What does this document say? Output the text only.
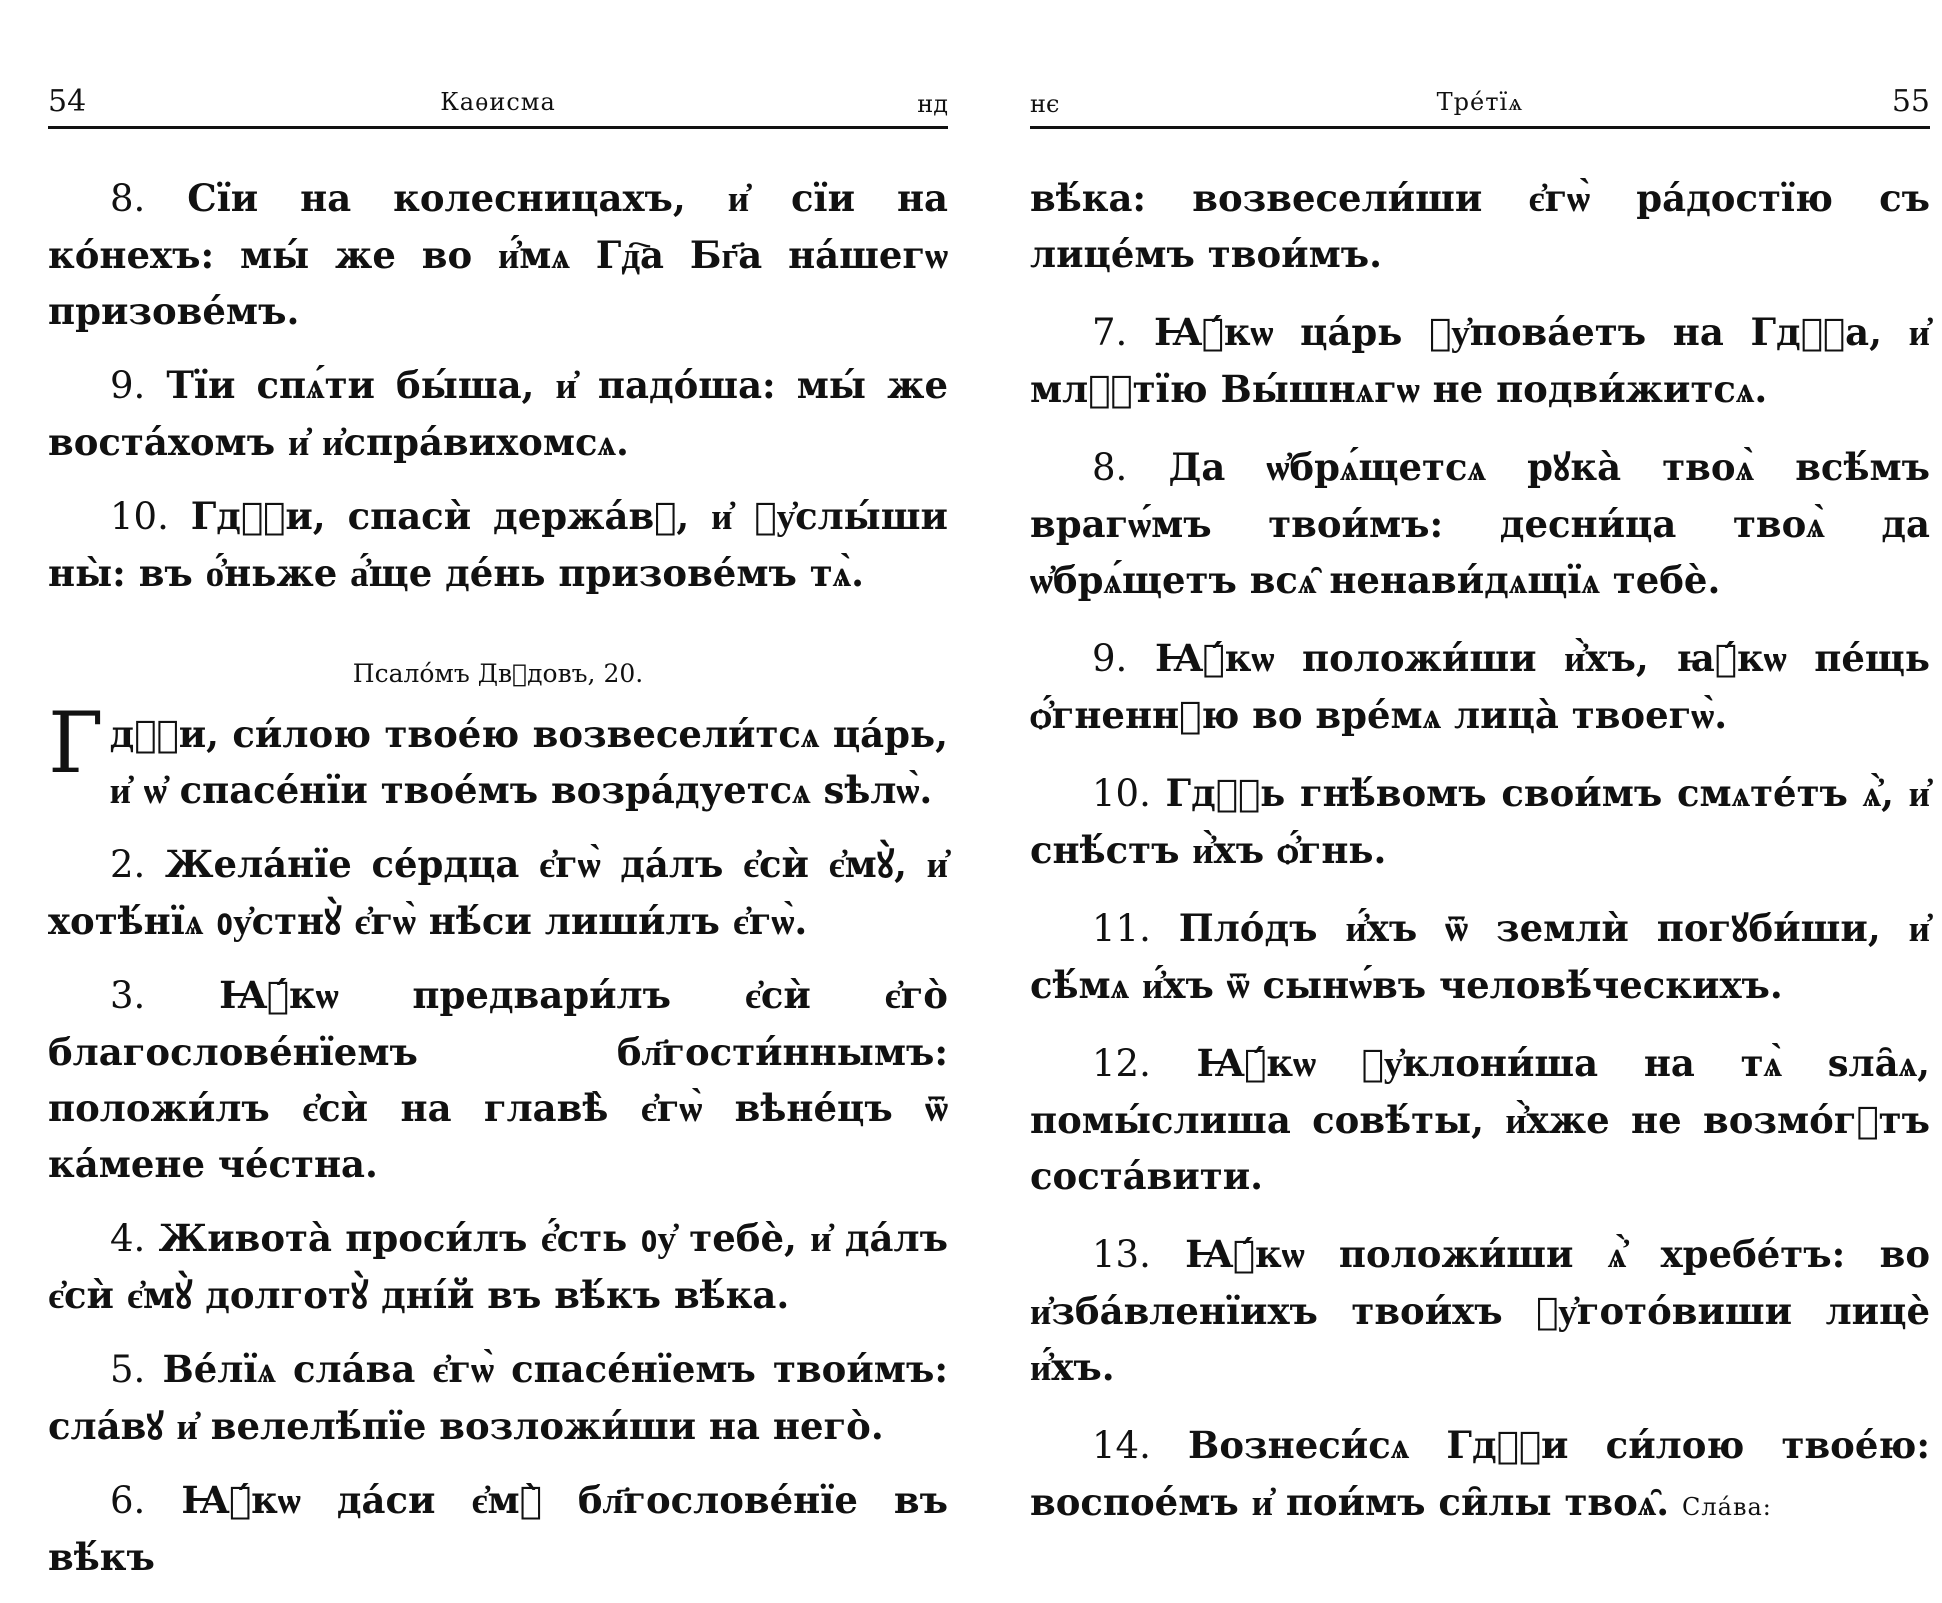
54	Каѳисма	нд

8. Сїи на колесницахъ, и҆ сїи на ко́нехъ: мы́ же во и҆́мѧ Гд҇а Бг҃а на́шегѡ призове́мъ.

9. Тїи спѧ́ти бы́ша, и҆ падо́ша: мы́ же воста́хомъ и҆ и҆спра́вихомсѧ.

10. Гдⷭ҇и, спасѝ держа́вꙋ, и҆ ᲂу҆слы́ши ны̀: въ о҆́ньже а҆́ще де́нь призове́мъ тѧ̀.

Псало́мъ Двⷣдовъ, 20.

Гдⷭ҇и, си́лою твое́ю возвесели́тсѧ ца́рь, и҆ ѡ҆ спасе́нїи твое́мъ возра́дуетсѧ ѕѣлѡ̀.

2. Жела́нїе се́рдца є҆гѡ̀ да́лъ є҆сѝ є҆мꙋ̀, и҆ хотѣ́нїѧ ᲂу҆стнꙋ̀ є҆гѡ̀ нѣ́си лиши́лъ є҆гѡ̀.

3. Ꙗ҆́кѡ предвари́лъ є҆сѝ є҆го̀ благослове́нїемъ бл҃гости́ннымъ: положи́лъ є҆сѝ на главѣ̀ є҆гѡ̀ вѣне́цъ ѿ ка́мене че́стна.

4. Живота̀ проси́лъ є҆́сть ᲂу҆ тебѐ, и҆ да́лъ є҆сѝ є҆мꙋ̀ долготꙋ̀ дні́й въ вѣ́къ вѣ́ка.

5. Ве́лїѧ сла́ва є҆гѡ̀ спасе́нїемъ твои́мъ: сла́вꙋ и҆ велелѣ́пїе возложи́ши на него̀.

6. Ꙗ҆́кѡ да́си є҆мꙋ̀ бл҃гослове́нїе въ вѣ́къ

нє	Тре́тїѧ	55

вѣ́ка: возвесели́ши є҆гѡ̀ ра́достїю съ лице́мъ твои́мъ.

7. Ꙗ҆́кѡ ца́рь ᲂу҆пова́етъ на Гдⷭ҇а, и҆ млⷭ҇тїю Вы́шнѧгѡ не подви́житсѧ.

8. Да ѡ҆брѧ́щетсѧ рꙋка̀ твоѧ̀ всѣ́мъ врагѡ́мъ твои́мъ: десни́ца твоѧ̀ да ѡ҆брѧ́щетъ всѧ̑ ненави́дѧщїѧ тебѐ.

9. Ꙗ҆́кѡ положи́ши и҆̀хъ, ꙗ҆́кѡ пе́щь ѻ҆́гненнꙋю во вре́мѧ лица̀ твоегѡ̀.

10. Гдⷭ҇ь гнѣ́вомъ свои́мъ смѧте́тъ ѧ҆̀, и҆ снѣ́стъ и҆̀хъ ѻ҆́гнь.

11. Пло́дъ и҆́хъ ѿ землѝ погꙋби́ши, и҆ сѣ́мѧ и҆́хъ ѿ сынѡ́въ человѣ́ческихъ.

12. Ꙗ҆́кѡ ᲂу҆клони́ша на тѧ̀ ѕла̑ѧ, помы́слиша совѣ́ты, и҆̀хже не возмо́гꙋтъ соста́вити.

13. Ꙗ҆́кѡ положи́ши ѧ҆̀ хребе́тъ: во и҆зба́вленїихъ твои́хъ ᲂу҆гото́виши лицѐ и҆́хъ.

14. Вознеси́сѧ Гдⷭ҇и си́лою твое́ю: воспое́мъ и҆ пои́мъ си̑лы твоѧ̑. Сла́ва:
